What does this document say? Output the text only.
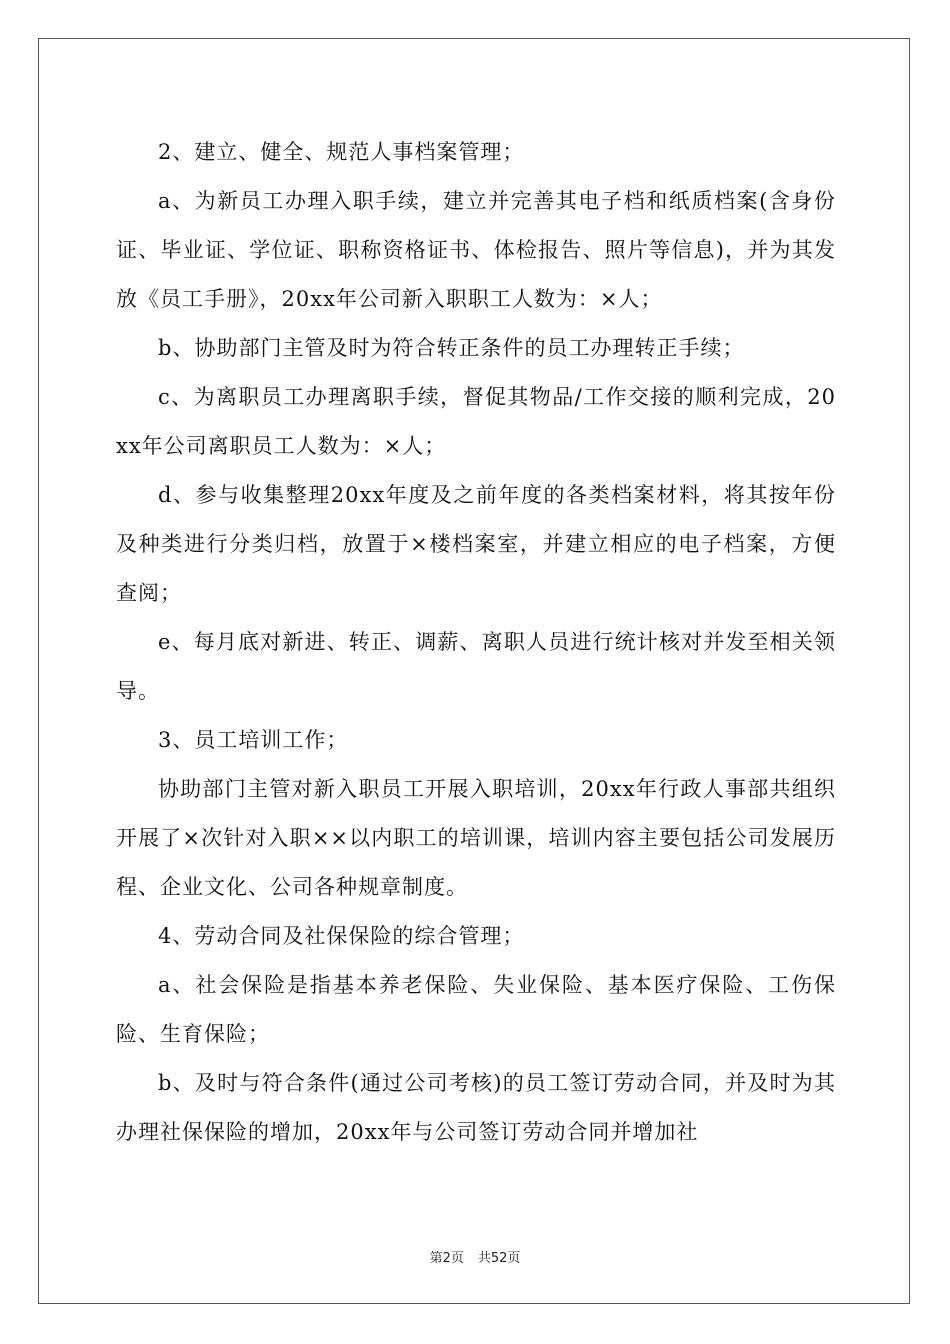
2、建立、健全、规范人事档案管理；

a、为新员工办理入职手续，建立并完善其电子档和纸质档案(含身份证、毕业证、学位证、职称资格证书、体检报告、照片等信息)，并为其发放《员工手册》，20xx年公司新入职职工人数为：×人；

b、协助部门主管及时为符合转正条件的员工办理转正手续；

c、为离职员工办理离职手续，督促其物品/工作交接的顺利完成，20xx年公司离职员工人数为：×人；

d、参与收集整理20xx年度及之前年度的各类档案材料，将其按年份及种类进行分类归档，放置于×楼档案室，并建立相应的电子档案，方便查阅；

e、每月底对新进、转正、调薪、离职人员进行统计核对并发至相关领导。

3、员工培训工作；

协助部门主管对新入职员工开展入职培训，20xx年行政人事部共组织开展了×次针对入职××以内职工的培训课，培训内容主要包括公司发展历程、企业文化、公司各种规章制度。

4、劳动合同及社保保险的综合管理；

a、社会保险是指基本养老保险、失业保险、基本医疗保险、工伤保险、生育保险；

b、及时与符合条件(通过公司考核)的员工签订劳动合同，并及时为其办理社保保险的增加，20xx年与公司签订劳动合同并增加社

第2页 共52页
